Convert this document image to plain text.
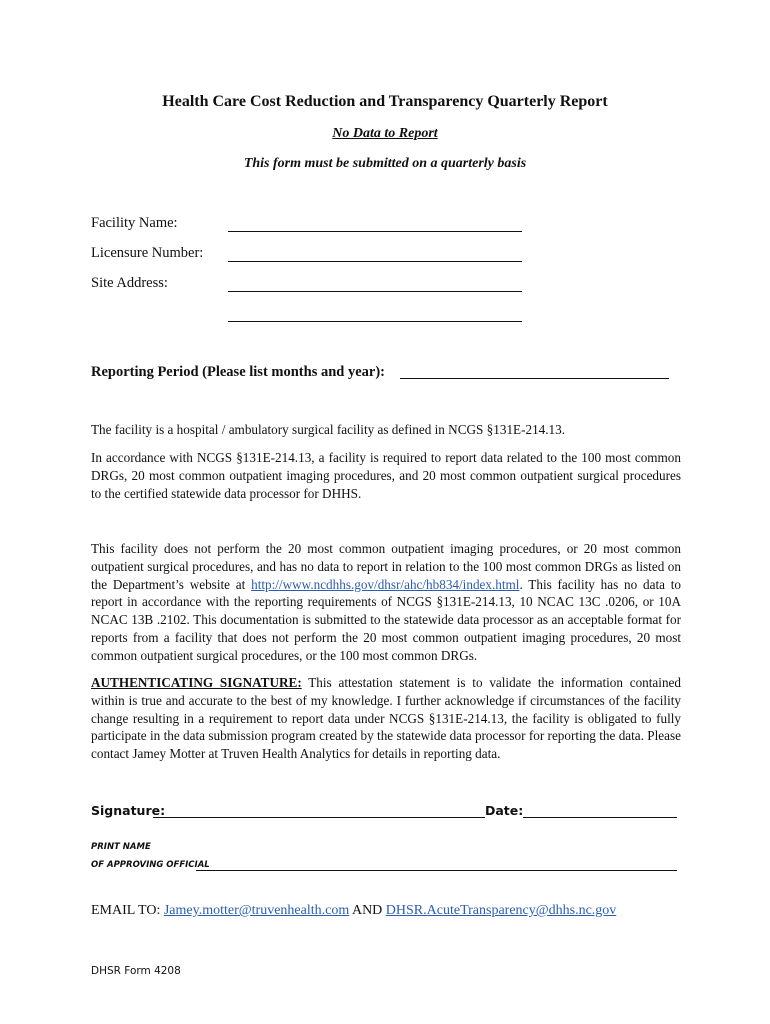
Health Care Cost Reduction and Transparency Quarterly Report
No Data to Report
This form must be submitted on a quarterly basis
Facility Name:
Licensure Number:
Site Address:
Reporting Period (Please list months and year):
The facility is a hospital / ambulatory surgical facility as defined in NCGS §131E-214.13.
In accordance with NCGS §131E-214.13, a facility is required to report data related to the 100 most common DRGs, 20 most common outpatient imaging procedures, and 20 most common outpatient surgical procedures to the certified statewide data processor for DHHS.
This facility does not perform the 20 most common outpatient imaging procedures, or 20 most common outpatient surgical procedures, and has no data to report in relation to the 100 most common DRGs as listed on the Department’s website at http://www.ncdhhs.gov/dhsr/ahc/hb834/index.html. This facility has no data to report in accordance with the reporting requirements of NCGS §131E-214.13, 10 NCAC 13C .0206, or 10A NCAC 13B .2102. This documentation is submitted to the statewide data processor as an acceptable format for reports from a facility that does not perform the 20 most common outpatient imaging procedures, 20 most common outpatient surgical procedures, or the 100 most common DRGs.
AUTHENTICATING SIGNATURE: This attestation statement is to validate the information contained within is true and accurate to the best of my knowledge. I further acknowledge if circumstances of the facility change resulting in a requirement to report data under NCGS §131E-214.13, the facility is obligated to fully participate in the data submission program created by the statewide data processor for reporting the data. Please contact Jamey Motter at Truven Health Analytics for details in reporting data.
Signature:	Date:
PRINT NAME
OF APPROVING OFFICIAL
EMAIL TO: Jamey.motter@truvenhealth.com AND DHSR.AcuteTransparency@dhhs.nc.gov
DHSR Form 4208
